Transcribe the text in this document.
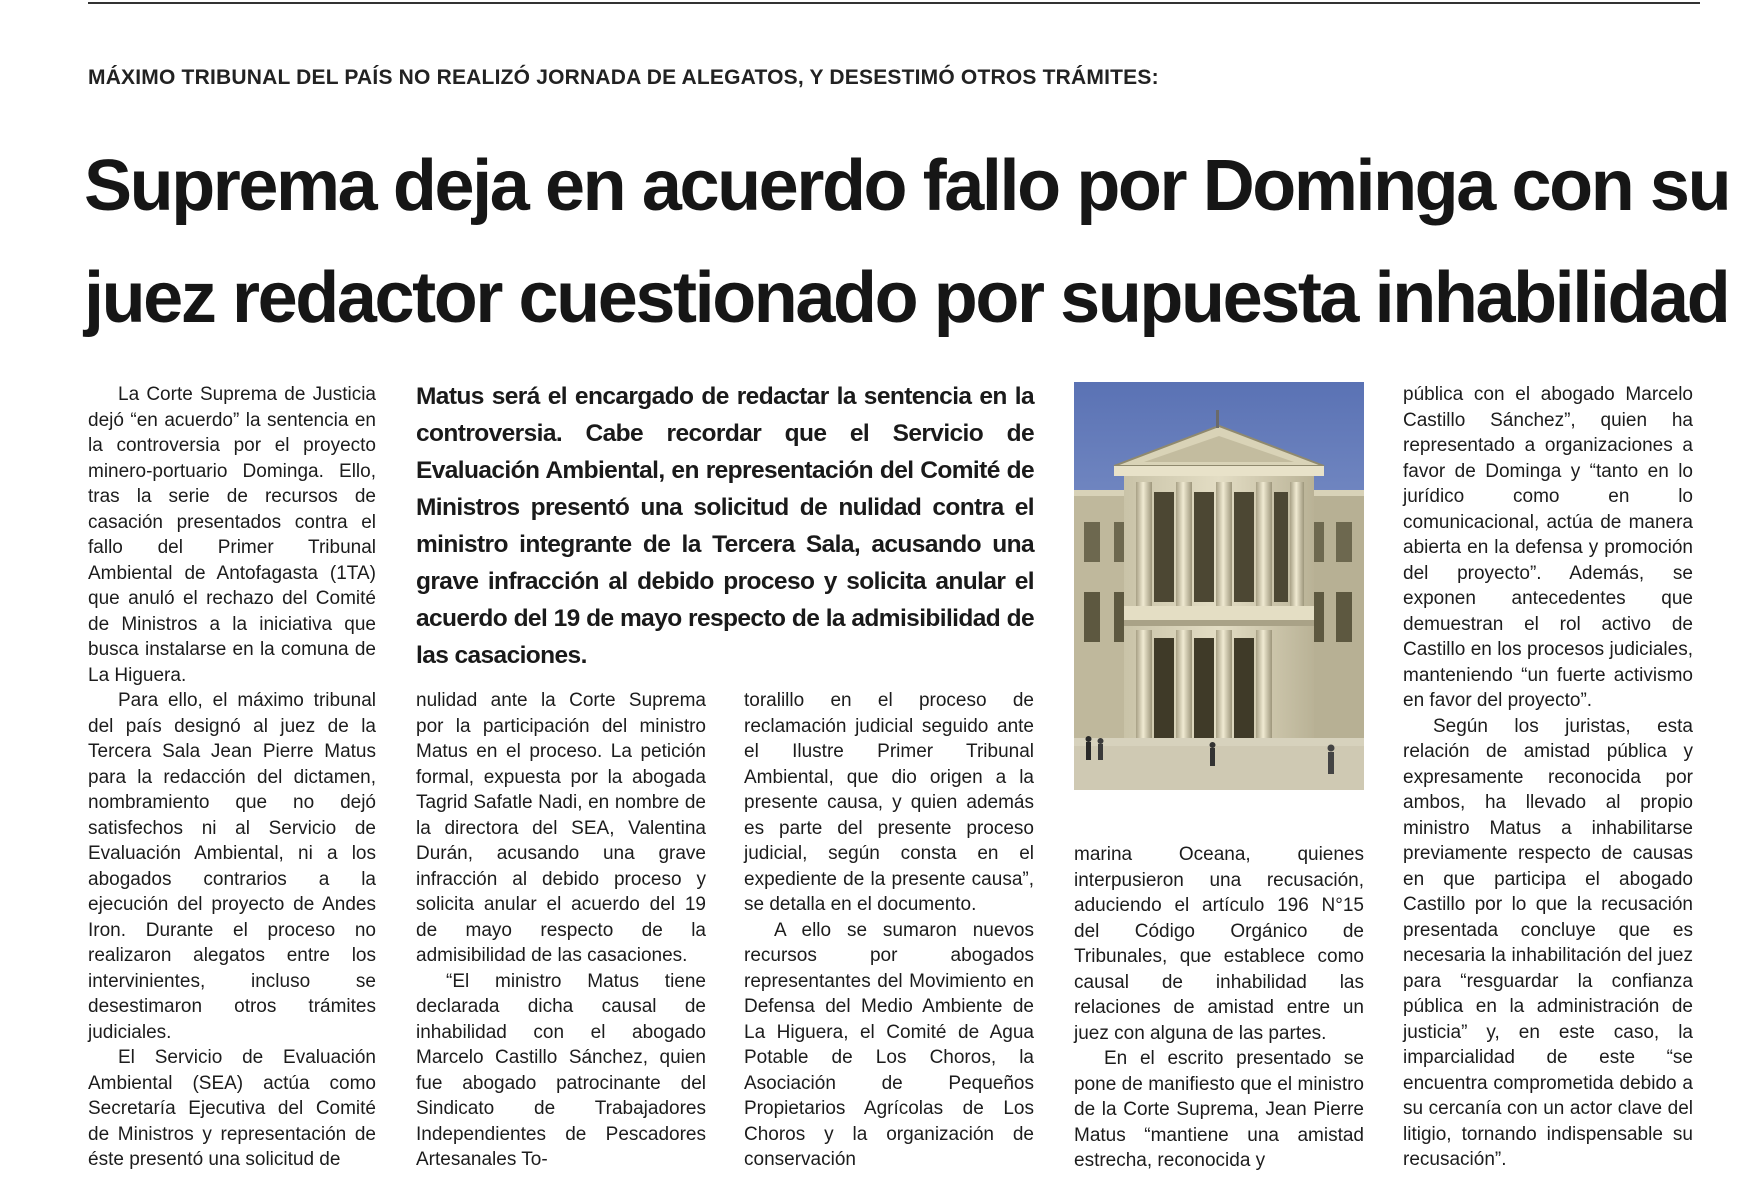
MÁXIMO TRIBUNAL DEL PAÍS NO REALIZÓ JORNADA DE ALEGATOS, Y DESESTIMÓ OTROS TRÁMITES:
Suprema deja en acuerdo fallo por Dominga con su
juez redactor cuestionado por supuesta inhabilidad

La Corte Suprema de Justicia dejó “en acuerdo” la sentencia en la controversia por el proyecto minero-portuario Dominga. Ello, tras la serie de recursos de casación presentados contra el fallo del Primer Tribunal Ambiental de Antofagasta (1TA) que anuló el rechazo del Comité de Ministros a la iniciativa que busca instalarse en la comuna de La Higuera.

Para ello, el máximo tribunal del país designó al juez de la Tercera Sala Jean Pierre Matus para la redacción del dictamen, nombramiento que no dejó satisfechos ni al Servicio de Evaluación Ambiental, ni a los abogados contrarios a la ejecución del proyecto de Andes Iron. Durante el proceso no realizaron alegatos entre los intervinientes, incluso se desestimaron otros trámites judiciales.

El Servicio de Evaluación Ambiental (SEA) actúa como Secretaría Ejecutiva del Comité de Ministros y representación de éste presentó una solicitud de

Matus será el encargado de redactar la sentencia en la controversia. Cabe recordar que el Servicio de Evaluación Ambiental, en representación del Comité de Ministros presentó una solicitud de nulidad contra el ministro integrante de la Tercera Sala, acusando una grave infracción al debido proceso y solicita anular el acuerdo del 19 de mayo respecto de la admisibilidad de las casaciones.

nulidad ante la Corte Suprema por la participación del ministro Matus en el proceso. La petición formal, expuesta por la abogada Tagrid Safatle Nadi, en nombre de la directora del SEA, Valentina Durán, acusando una grave infracción al debido proceso y solicita anular el acuerdo del 19 de mayo respecto de la admisibilidad de las casaciones.

“El ministro Matus tiene declarada dicha causal de inhabilidad con el abogado Marcelo Castillo Sánchez, quien fue abogado patrocinante del Sindicato de Trabajadores Independientes de Pescadores Artesanales To-

toralillo en el proceso de reclamación judicial seguido ante el Ilustre Primer Tribunal Ambiental, que dio origen a la presente causa, y quien además es parte del presente proceso judicial, según consta en el expediente de la presente causa”, se detalla en el documento.

A ello se sumaron nuevos recursos por abogados representantes del Movimiento en Defensa del Medio Ambiente de La Higuera, el Comité de Agua Potable de Los Choros, la Asociación de Pequeños Propietarios Agrícolas de Los Choros y la organización de conservación

marina Oceana, quienes interpusieron una recusación, aduciendo el artículo 196 N°15 del Código Orgánico de Tribunales, que establece como causal de inhabilidad las relaciones de amistad entre un juez con alguna de las partes.

En el escrito presentado se pone de manifiesto que el ministro de la Corte Suprema, Jean Pierre Matus “mantiene una amistad estrecha, reconocida y

pública con el abogado Marcelo Castillo Sánchez”, quien ha representado a organizaciones a favor de Dominga y “tanto en lo jurídico como en lo comunicacional, actúa de manera abierta en la defensa y promoción del proyecto”. Además, se exponen antecedentes que demuestran el rol activo de Castillo en los procesos judiciales, manteniendo “un fuerte activismo en favor del proyecto”.

Según los juristas, esta relación de amistad pública y expresamente reconocida por ambos, ha llevado al propio ministro Matus a inhabilitarse previamente respecto de causas en que participa el abogado Castillo por lo que la recusación presentada concluye que es necesaria la inhabilitación del juez para “resguardar la confianza pública en la administración de justicia” y, en este caso, la imparcialidad de este “se encuentra comprometida debido a su cercanía con un actor clave del litigio, tornando indispensable su recusación”.
